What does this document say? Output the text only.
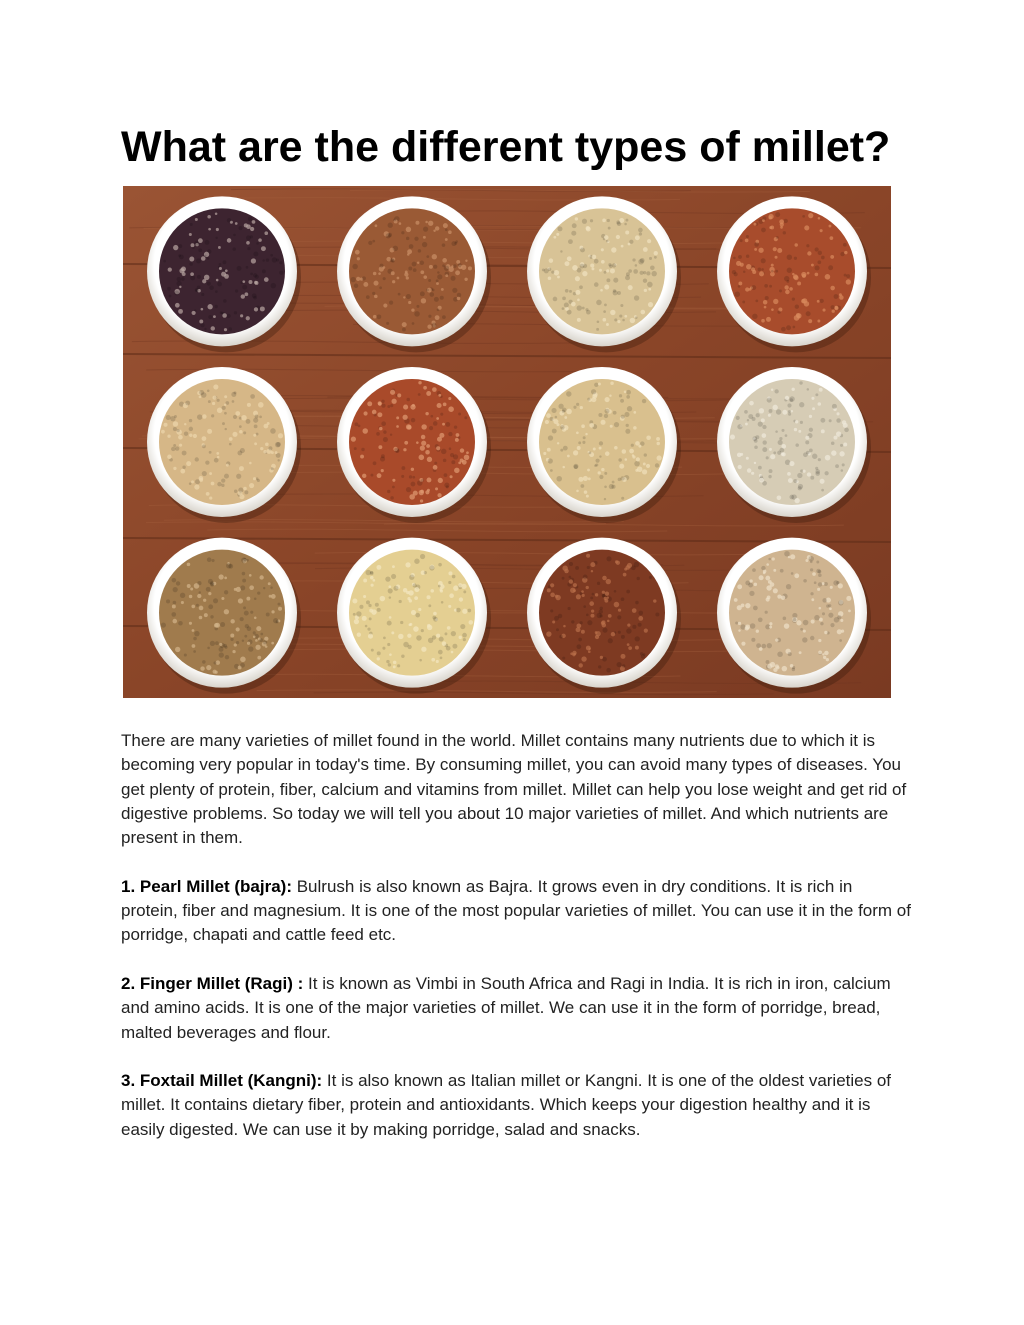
What are the different types of millet?

There are many varieties of millet found in the world. Millet contains many nutrients due to which it is becoming very popular in today's time. By consuming millet, you can avoid many types of diseases. You get plenty of protein, fiber, calcium and vitamins from millet. Millet can help you lose weight and get rid of digestive problems. So today we will tell you about 10 major varieties of millet. And which nutrients are present in them.

1. Pearl Millet (bajra): Bulrush is also known as Bajra. It grows even in dry conditions. It is rich in protein, fiber and magnesium. It is one of the most popular varieties of millet. You can use it in the form of porridge, chapati and cattle feed etc.

2. Finger Millet (Ragi) : It is known as Vimbi in South Africa and Ragi in India. It is rich in iron, calcium and amino acids. It is one of the major varieties of millet. We can use it in the form of porridge, bread, malted beverages and flour.

3. Foxtail Millet (Kangni): It is also known as Italian millet or Kangni. It is one of the oldest varieties of millet. It contains dietary fiber, protein and antioxidants. Which keeps your digestion healthy and it is easily digested. We can use it by making porridge, salad and snacks.
